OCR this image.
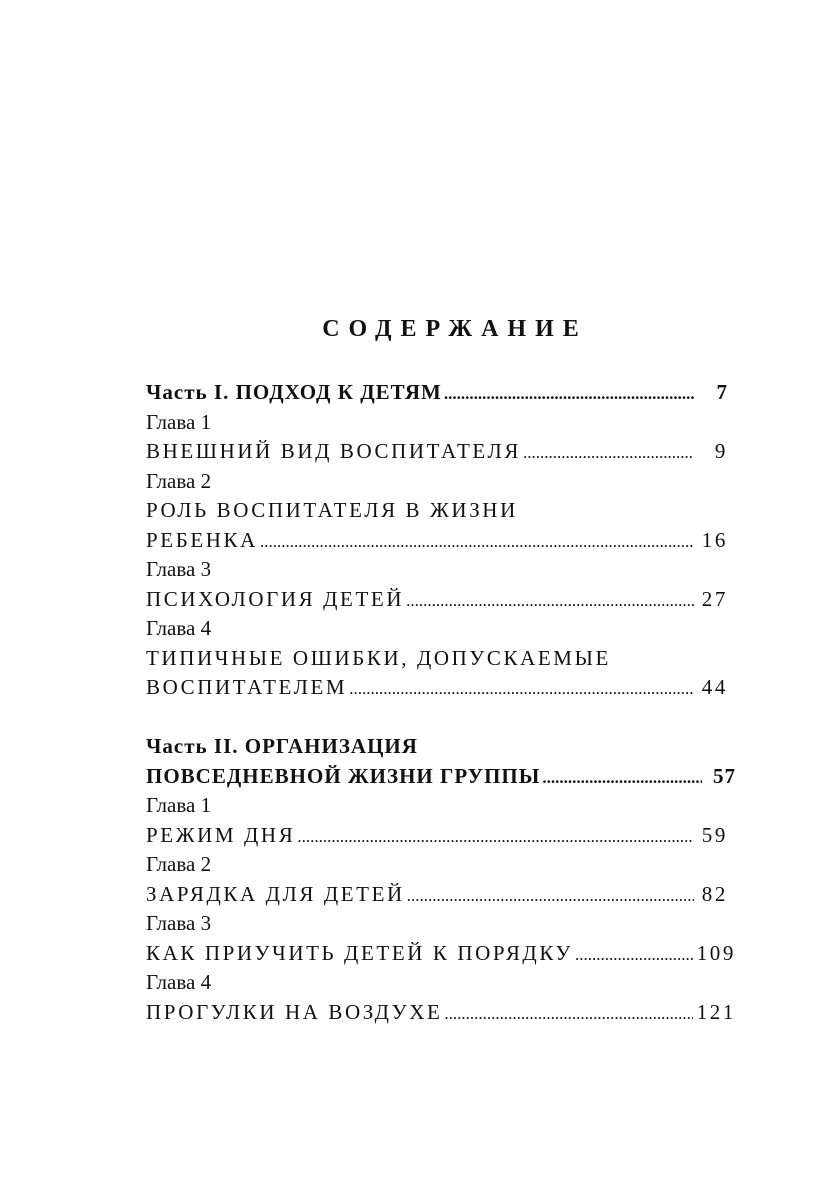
СОДЕРЖАНИЕ
Часть I. ПОДХОД К ДЕТЯМ .....	7
Глава 1
ВНЕШНИЙ ВИД ВОСПИТАТЕЛЯ .....	9
Глава 2
РОЛЬ ВОСПИТАТЕЛЯ В ЖИЗНИ
РЕБЕНКА .....	16
Глава 3
ПСИХОЛОГИЯ ДЕТЕЙ .....	27
Глава 4
ТИПИЧНЫЕ ОШИБКИ, ДОПУСКАЕМЫЕ
ВОСПИТАТЕЛЕМ .....	44
Часть II. ОРГАНИЗАЦИЯ
ПОВСЕДНЕВНОЙ ЖИЗНИ ГРУППЫ .....	57
Глава 1
РЕЖИМ ДНЯ .....	59
Глава 2
ЗАРЯДКА ДЛЯ ДЕТЕЙ .....	82
Глава 3
КАК ПРИУЧИТЬ ДЕТЕЙ К ПОРЯДКУ .....	109
Глава 4
ПРОГУЛКИ НА ВОЗДУХЕ .....	121
